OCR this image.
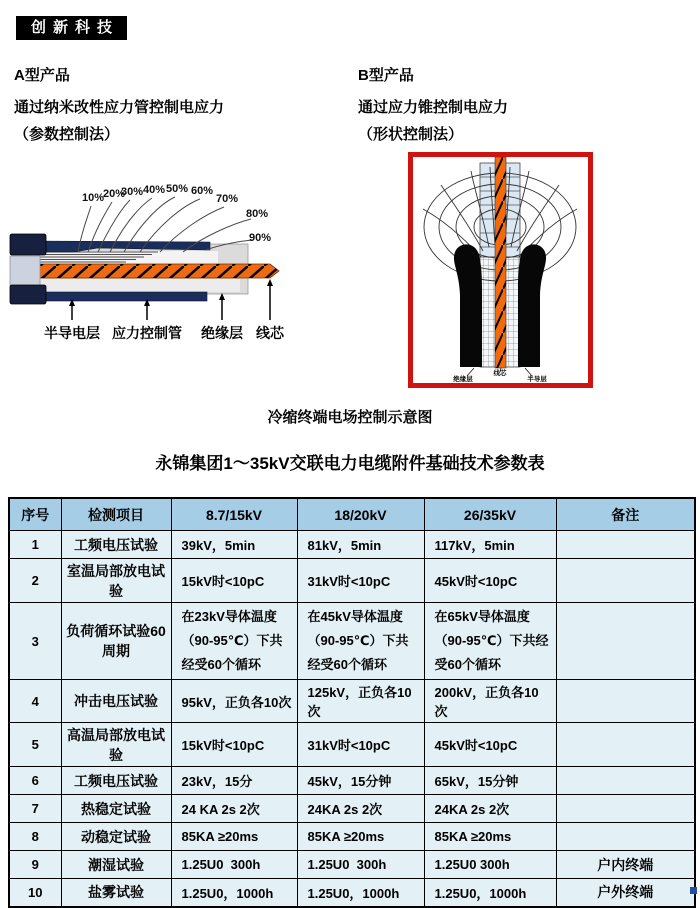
创新科技
A型产品
通过纳米改性应力管控制电应力
（参数控制法）
B型产品
通过应力锥控制电应力
（形状控制法）
10%
20%
30% 40% 50% 60%
70%
80%
90%
半导电层 应力控制管 绝缘层 线芯
绝缘层
线芯
半导层
冷缩终端电场控制示意图
永锦集团1～35kV交联电力电缆附件基础技术参数表
序号	检测项目	8.7/15kV	18/20kV	26/35kV	备注
1	工频电压试验	39kV，5min	81kV，5min	117kV，5min	
2	室温局部放电试验	15kV时<10pC	31kV时<10pC	45kV时<10pC	
3	负荷循环试验60周期	在23kV导体温度（90-95℃）下共经受60个循环	在45kV导体温度（90-95℃）下共经受60个循环	在65kV导体温度（90-95℃）下共经受60个循环	
4	冲击电压试验	95kV，正负各10次	125kV，正负各10次	200kV，正负各10次	
5	高温局部放电试验	15kV时<10pC	31kV时<10pC	45kV时<10pC	
6	工频电压试验	23kV，15分	45kV，15分钟	65kV，15分钟	
7	热稳定试验	24 KA 2s 2次	24KA 2s 2次	24KA 2s 2次	
8	动稳定试验	85KA ≥20ms	85KA ≥20ms	85KA ≥20ms	
9	潮湿试验	1.25U0  300h	1.25U0  300h	1.25U0 300h	户内终端
10	盐雾试验	1.25U0，1000h	1.25U0，1000h	1.25U0，1000h	户外终端
